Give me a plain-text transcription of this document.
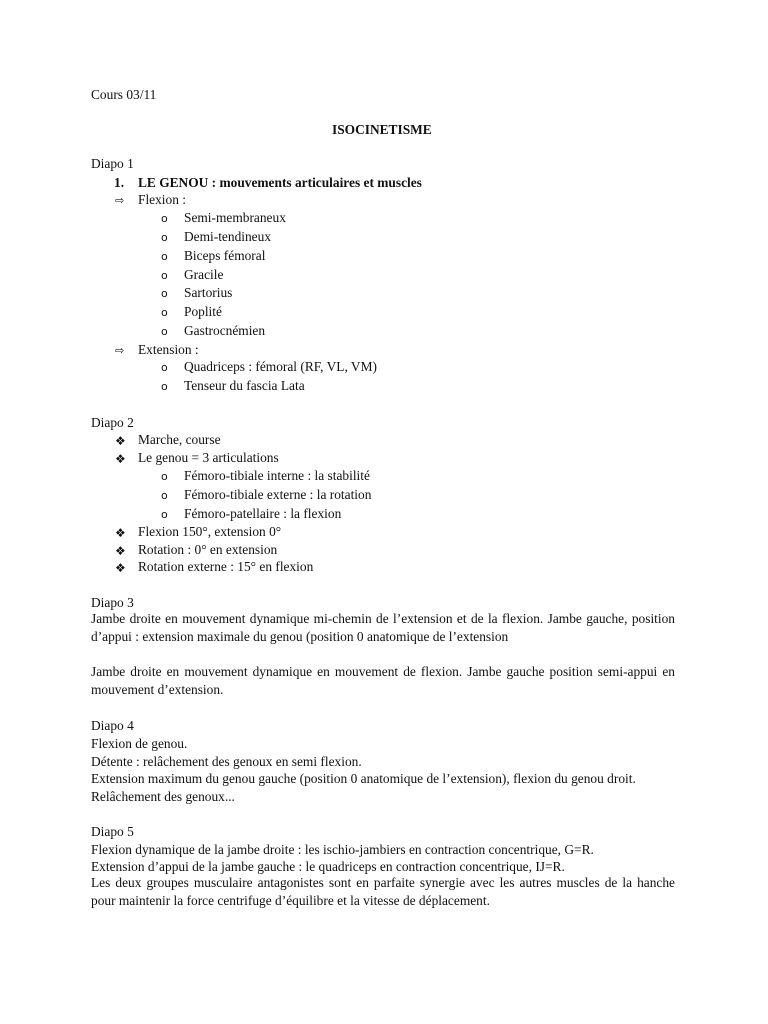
Cours 03/11
ISOCINETISME
Diapo 1
1. LE GENOU : mouvements articulaires et muscles
⇨ Flexion :
o Semi-membraneux
o Demi-tendineux
o Biceps fémoral
o Gracile
o Sartorius
o Poplité
o Gastrocnémien
⇨ Extension :
o Quadriceps : fémoral (RF, VL, VM)
o Tenseur du fascia Lata
Diapo 2
❖ Marche, course
❖ Le genou = 3 articulations
o Fémoro-tibiale interne : la stabilité
o Fémoro-tibiale externe : la rotation
o Fémoro-patellaire : la flexion
❖ Flexion 150°, extension 0°
❖ Rotation : 0° en extension
❖ Rotation externe : 15° en flexion
Diapo 3
Jambe droite en mouvement dynamique mi-chemin de l’extension et de la flexion. Jambe gauche, position d’appui : extension maximale du genou (position 0 anatomique de l’extension
Jambe droite en mouvement dynamique en mouvement de flexion. Jambe gauche position semi-appui en mouvement d’extension.
Diapo 4
Flexion de genou.
Détente : relâchement des genoux en semi flexion.
Extension maximum du genou gauche (position 0 anatomique de l’extension), flexion du genou droit.
Relâchement des genoux...
Diapo 5
Flexion dynamique de la jambe droite : les ischio-jambiers en contraction concentrique, G=R.
Extension d’appui de la jambe gauche : le quadriceps en contraction concentrique, IJ=R.
Les deux groupes musculaire antagonistes sont en parfaite synergie avec les autres muscles de la hanche pour maintenir la force centrifuge d’équilibre et la vitesse de déplacement.
